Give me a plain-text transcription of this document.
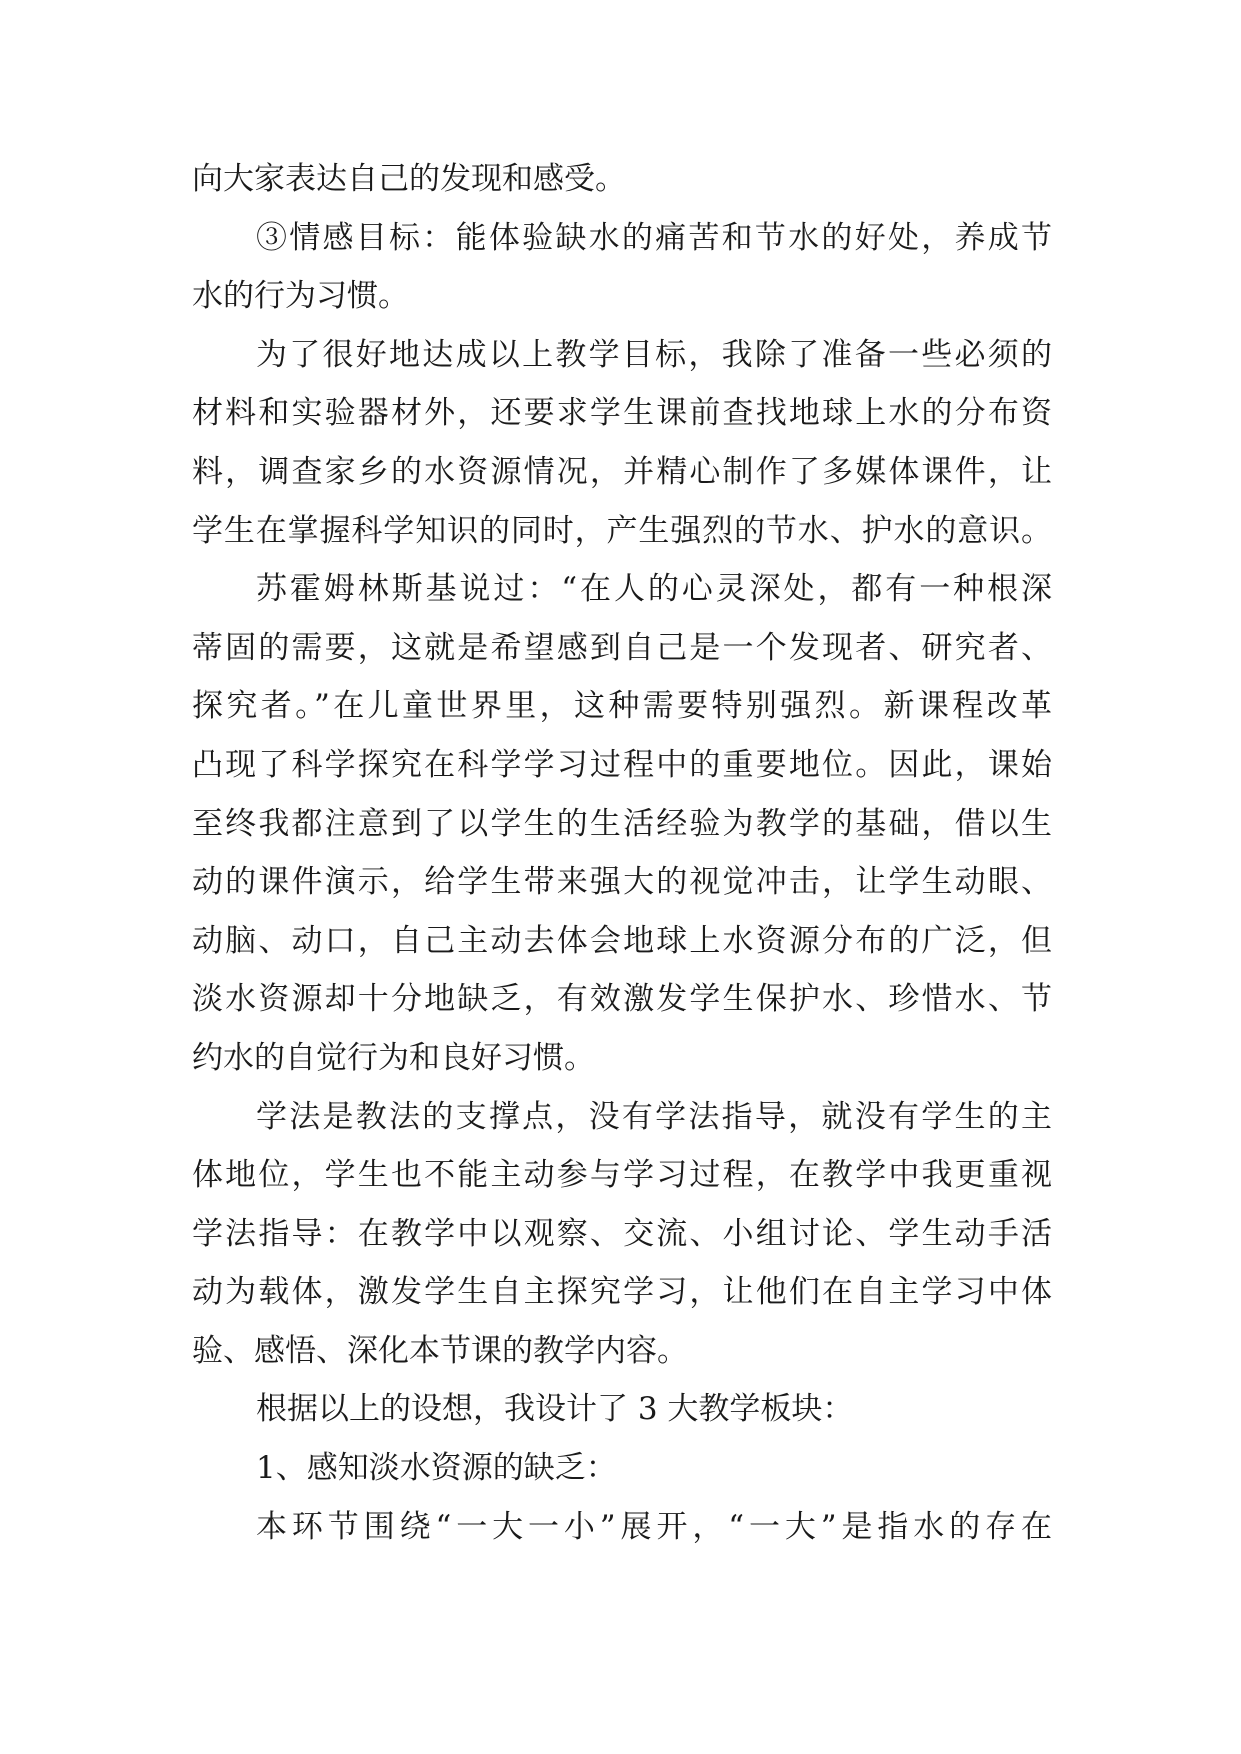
向大家表达自己的发现和感受。
③情感目标：能体验缺水的痛苦和节水的好处，养成节
水的行为习惯。
为了很好地达成以上教学目标，我除了准备一些必须的
材料和实验器材外，还要求学生课前查找地球上水的分布资
料，调查家乡的水资源情况，并精心制作了多媒体课件，让
学生在掌握科学知识的同时，产生强烈的节水、护水的意识。
苏霍姆林斯基说过：“在人的心灵深处，都有一种根深
蒂固的需要，这就是希望感到自己是一个发现者、研究者、
探究者。”在儿童世界里，这种需要特别强烈。新课程改革
凸现了科学探究在科学学习过程中的重要地位。因此，课始
至终我都注意到了以学生的生活经验为教学的基础，借以生
动的课件演示，给学生带来强大的视觉冲击，让学生动眼、
动脑、动口，自己主动去体会地球上水资源分布的广泛，但
淡水资源却十分地缺乏，有效激发学生保护水、珍惜水、节
约水的自觉行为和良好习惯。
学法是教法的支撑点，没有学法指导，就没有学生的主
体地位，学生也不能主动参与学习过程，在教学中我更重视
学法指导：在教学中以观察、交流、小组讨论、学生动手活
动为载体，激发学生自主探究学习，让他们在自主学习中体
验、感悟、深化本节课的教学内容。
根据以上的设想，我设计了 3 大教学板块：
1、感知淡水资源的缺乏：
本环节围绕“一大一小”展开，“一大”是指水的存在
